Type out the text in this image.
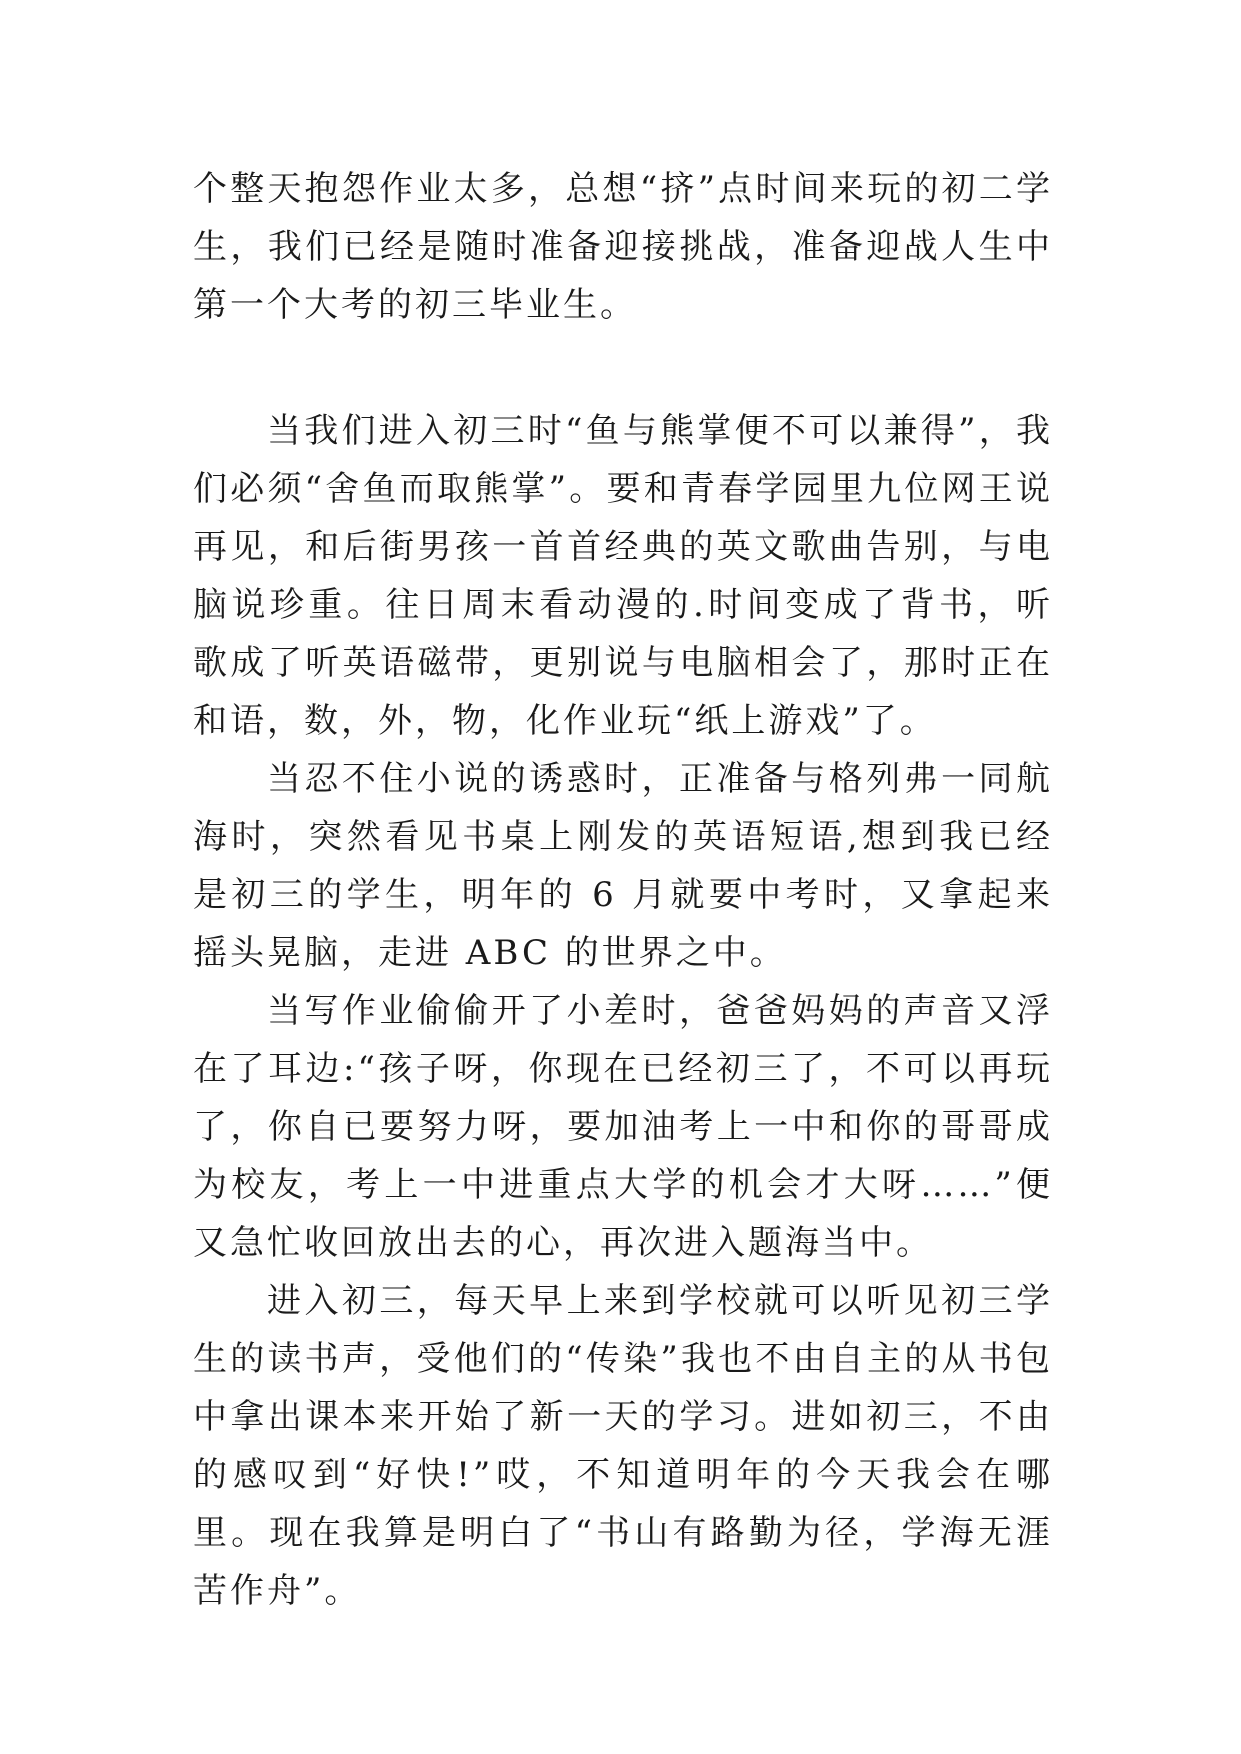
个整天抱怨作业太多，总想“挤”点时间来玩的初二学生，我们已经是随时准备迎接挑战，准备迎战人生中第一个大考的初三毕业生。

当我们进入初三时“鱼与熊掌便不可以兼得”，我们必须“舍鱼而取熊掌”。要和青春学园里九位网王说再见，和后街男孩一首首经典的英文歌曲告别，与电脑说珍重。往日周末看动漫的.时间变成了背书，听歌成了听英语磁带，更别说与电脑相会了，那时正在和语，数，外，物，化作业玩“纸上游戏”了。

当忍不住小说的诱惑时，正准备与格列弗一同航海时，突然看见书桌上刚发的英语短语,想到我已经是初三的学生，明年的 6 月就要中考时，又拿起来摇头晃脑，走进 ABC 的世界之中。

当写作业偷偷开了小差时，爸爸妈妈的声音又浮在了耳边:“孩子呀，你现在已经初三了，不可以再玩了，你自已要努力呀，要加油考上一中和你的哥哥成为校友，考上一中进重点大学的机会才大呀……”便又急忙收回放出去的心，再次进入题海当中。

进入初三，每天早上来到学校就可以听见初三学生的读书声，受他们的“传染”我也不由自主的从书包中拿出课本来开始了新一天的学习。进如初三，不由的感叹到“好快!”哎，不知道明年的今天我会在哪里。现在我算是明白了“书山有路勤为径，学海无涯苦作舟”。
